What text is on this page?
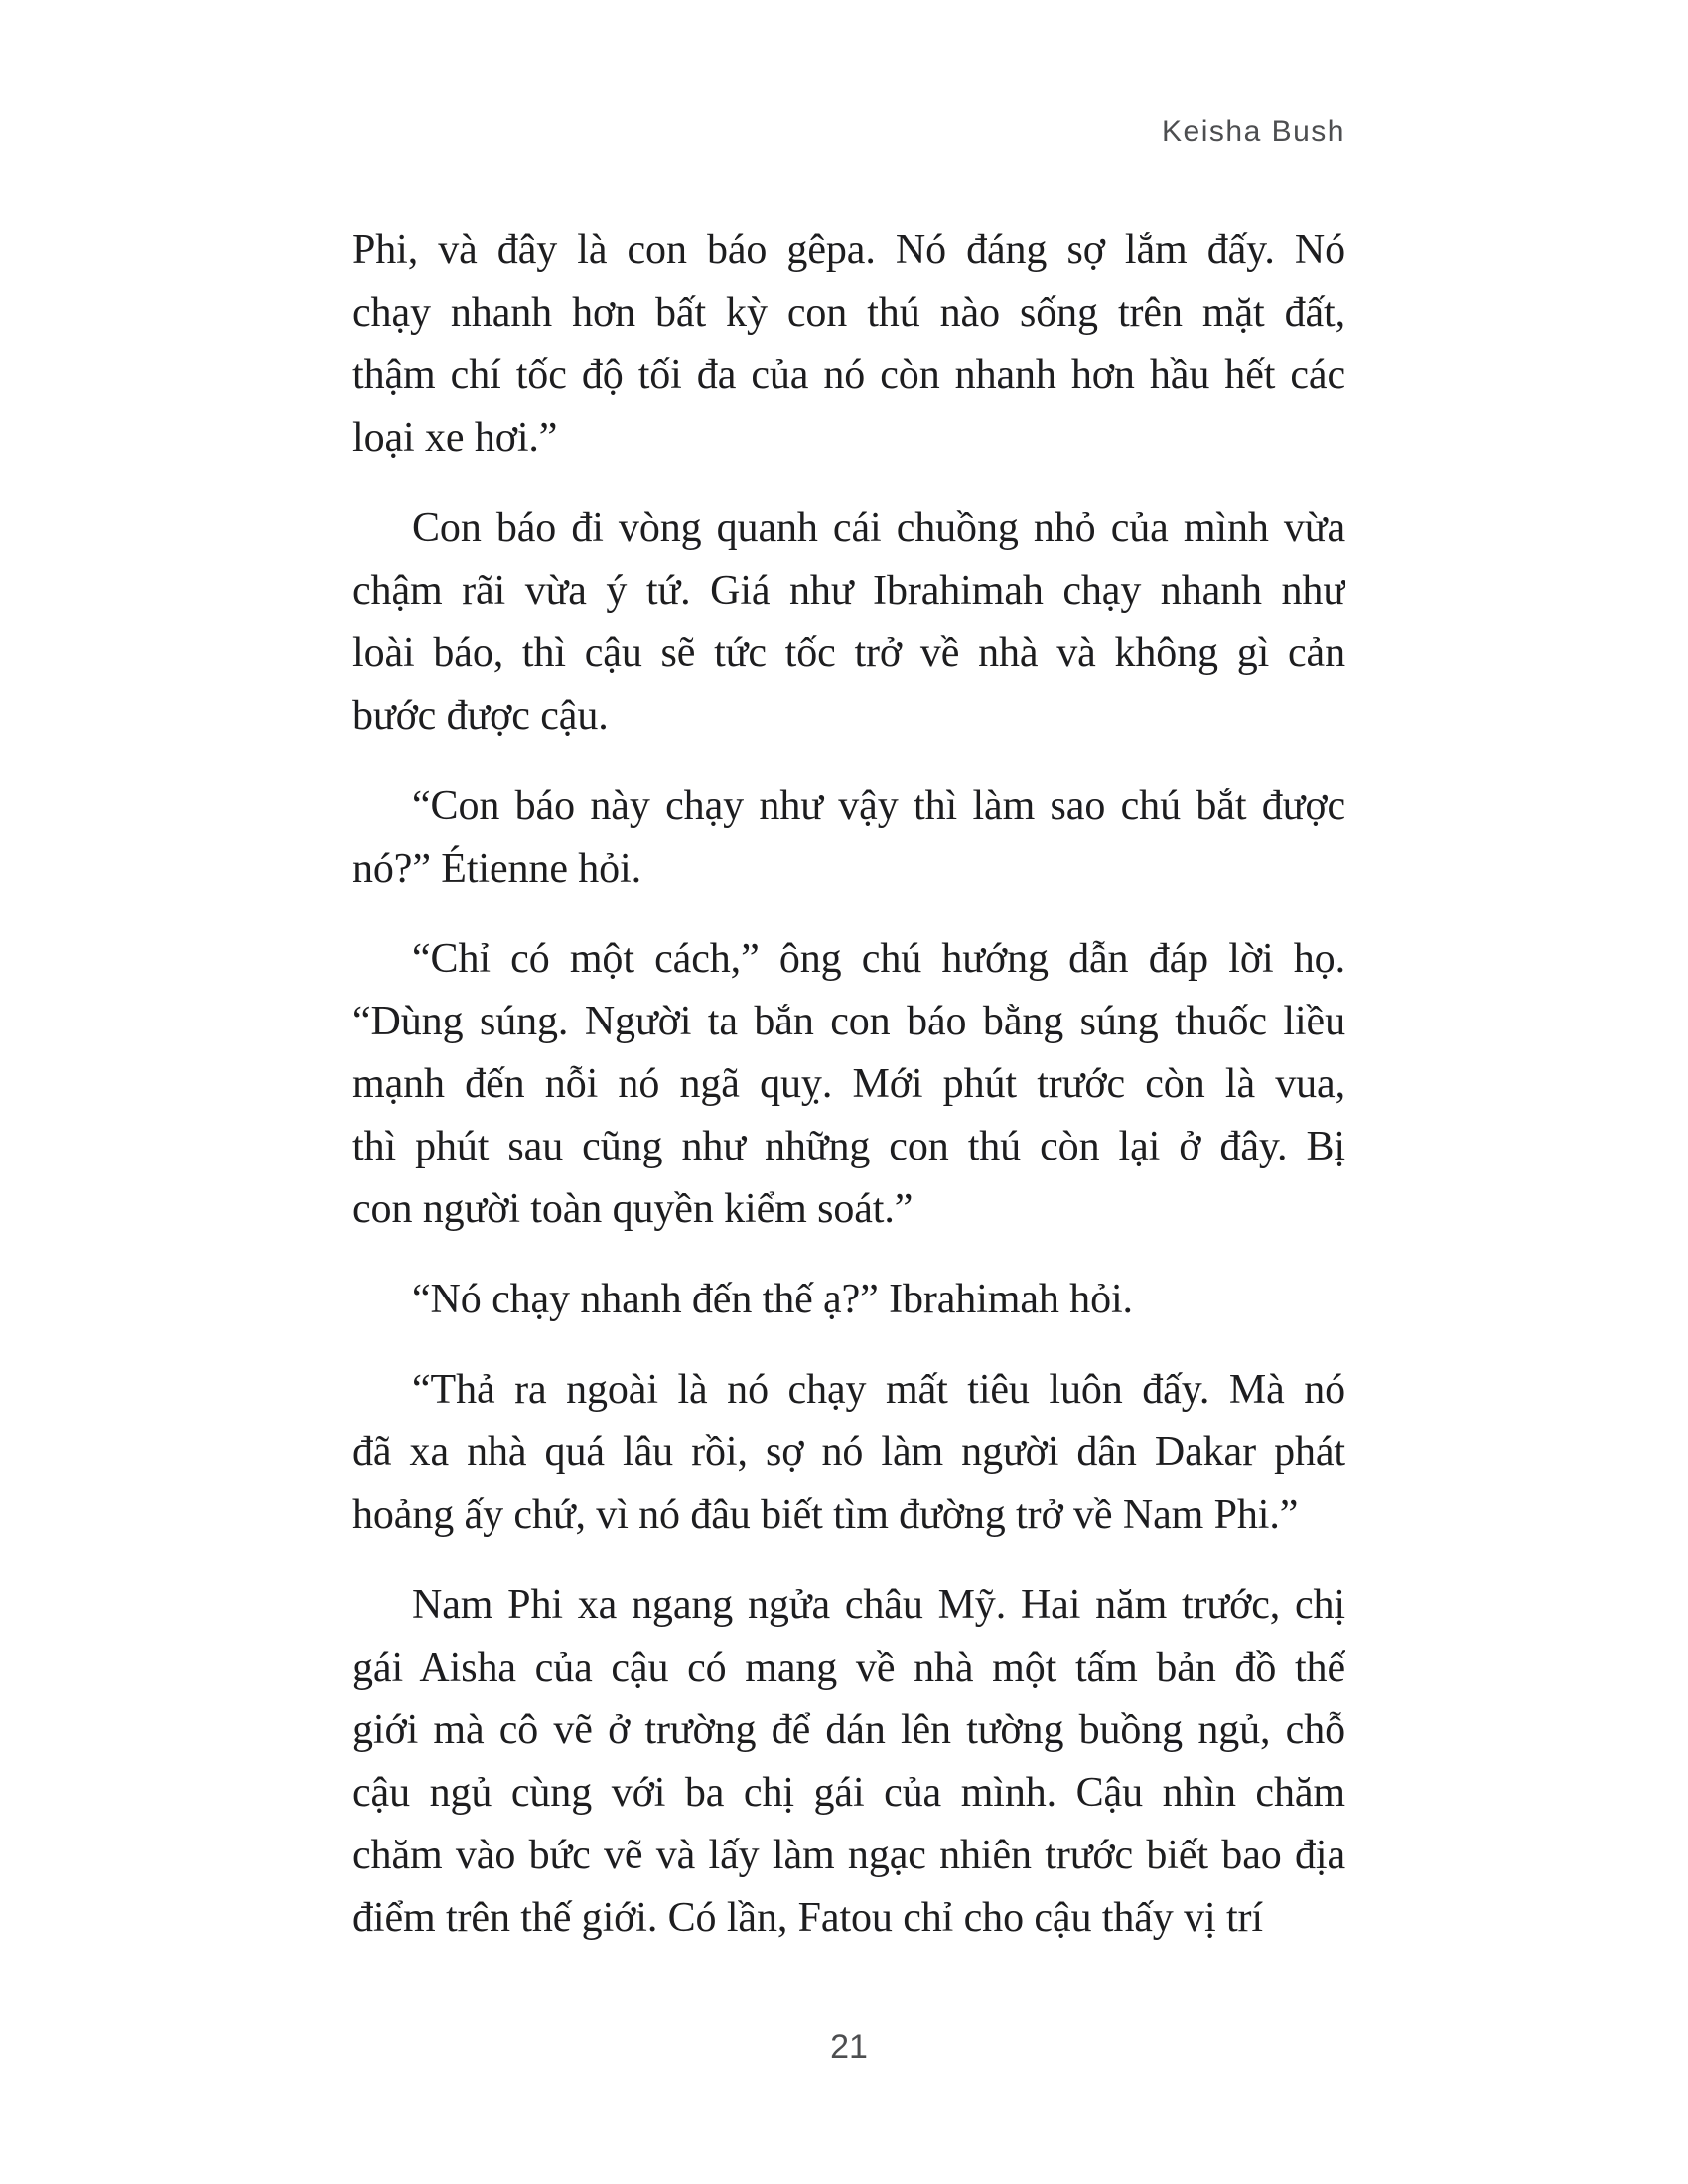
Keisha Bush
Phi, và đây là con báo gêpa. Nó đáng sợ lắm đấy. Nó
chạy nhanh hơn bất kỳ con thú nào sống trên mặt đất,
thậm chí tốc độ tối đa của nó còn nhanh hơn hầu hết các
loại xe hơi.”
Con báo đi vòng quanh cái chuồng nhỏ của mình vừa
chậm rãi vừa ý tứ. Giá như Ibrahimah chạy nhanh như
loài báo, thì cậu sẽ tức tốc trở về nhà và không gì cản
bước được cậu.
“Con báo này chạy như vậy thì làm sao chú bắt được
nó?” Étienne hỏi.
“Chỉ có một cách,” ông chú hướng dẫn đáp lời họ.
“Dùng súng. Người ta bắn con báo bằng súng thuốc liều
mạnh đến nỗi nó ngã quỵ. Mới phút trước còn là vua,
thì phút sau cũng như những con thú còn lại ở đây. Bị
con người toàn quyền kiểm soát.”
“Nó chạy nhanh đến thế ạ?” Ibrahimah hỏi.
“Thả ra ngoài là nó chạy mất tiêu luôn đấy. Mà nó
đã xa nhà quá lâu rồi, sợ nó làm người dân Dakar phát
hoảng ấy chứ, vì nó đâu biết tìm đường trở về Nam Phi.”
Nam Phi xa ngang ngửa châu Mỹ. Hai năm trước, chị
gái Aisha của cậu có mang về nhà một tấm bản đồ thế
giới mà cô vẽ ở trường để dán lên tường buồng ngủ, chỗ
cậu ngủ cùng với ba chị gái của mình. Cậu nhìn chăm
chăm vào bức vẽ và lấy làm ngạc nhiên trước biết bao địa
điểm trên thế giới. Có lần, Fatou chỉ cho cậu thấy vị trí
21
